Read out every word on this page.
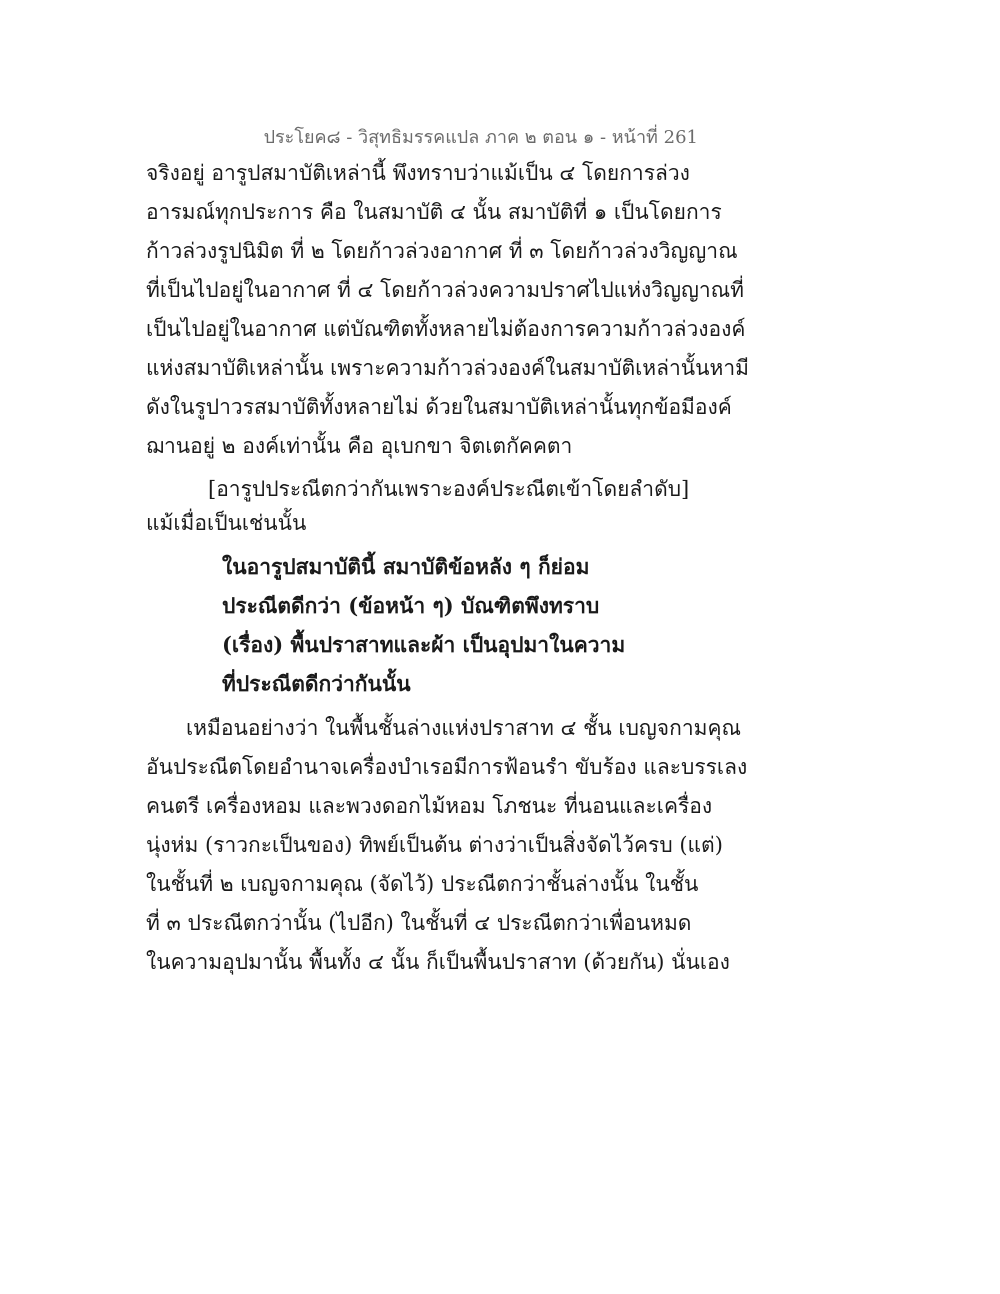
ประโยค๘ - วิสุทธิมรรคแปล ภาค ๒ ตอน ๑ - หน้าที่ 261
จริงอยู่ อารูปสมาบัติเหล่านี้ พึงทราบว่าแม้เป็น ๔ โดยการล่วง
อารมณ์ทุกประการ คือ ในสมาบัติ ๔ นั้น สมาบัติที่ ๑ เป็นโดยการ
ก้าวล่วงรูปนิมิต ที่ ๒ โดยก้าวล่วงอากาศ ที่ ๓ โดยก้าวล่วงวิญญาณ
ที่เป็นไปอยู่ในอากาศ ที่ ๔ โดยก้าวล่วงความปราศไปแห่งวิญญาณที่
เป็นไปอยู่ในอากาศ แต่บัณฑิตทั้งหลายไม่ต้องการความก้าวล่วงองค์
แห่งสมาบัติเหล่านั้น เพราะความก้าวล่วงองค์ในสมาบัติเหล่านั้นหามี
ดังในรูปาวรสมาบัติทั้งหลายไม่ ด้วยในสมาบัติเหล่านั้นทุกข้อมีองค์
ฌานอยู่ ๒ องค์เท่านั้น คือ อุเบกขา จิตเตกัคคตา
[อารูปประณีตกว่ากันเพราะองค์ประณีตเข้าโดยลำดับ]
แม้เมื่อเป็นเช่นนั้น
ในอารูปสมาบัตินี้ สมาบัติข้อหลัง ๆ ก็ย่อม
ประณีตดีกว่า (ข้อหน้า ๆ) บัณฑิตพึงทราบ
(เรื่อง) พื้นปราสาทและผ้า เป็นอุปมาในความ
ที่ประณีตดีกว่ากันนั้น
เหมือนอย่างว่า ในพื้นชั้นล่างแห่งปราสาท ๔ ชั้น เบญจกามคุณ
อันประณีตโดยอำนาจเครื่องบำเรอมีการฟ้อนรำ ขับร้อง และบรรเลง
คนตรี เครื่องหอม และพวงดอกไม้หอม โภชนะ ที่นอนและเครื่อง
นุ่งห่ม (ราวกะเป็นของ) ทิพย์เป็นต้น ต่างว่าเป็นสิ่งจัดไว้ครบ (แต่)
ในชั้นที่ ๒ เบญจกามคุณ (จัดไว้) ประณีตกว่าชั้นล่างนั้น ในชั้น
ที่ ๓ ประณีตกว่านั้น (ไปอีก) ในชั้นที่ ๔ ประณีตกว่าเพื่อนหมด
ในความอุปมานั้น พื้นทั้ง ๔ นั้น ก็เป็นพื้นปราสาท (ด้วยกัน) นั่นเอง
